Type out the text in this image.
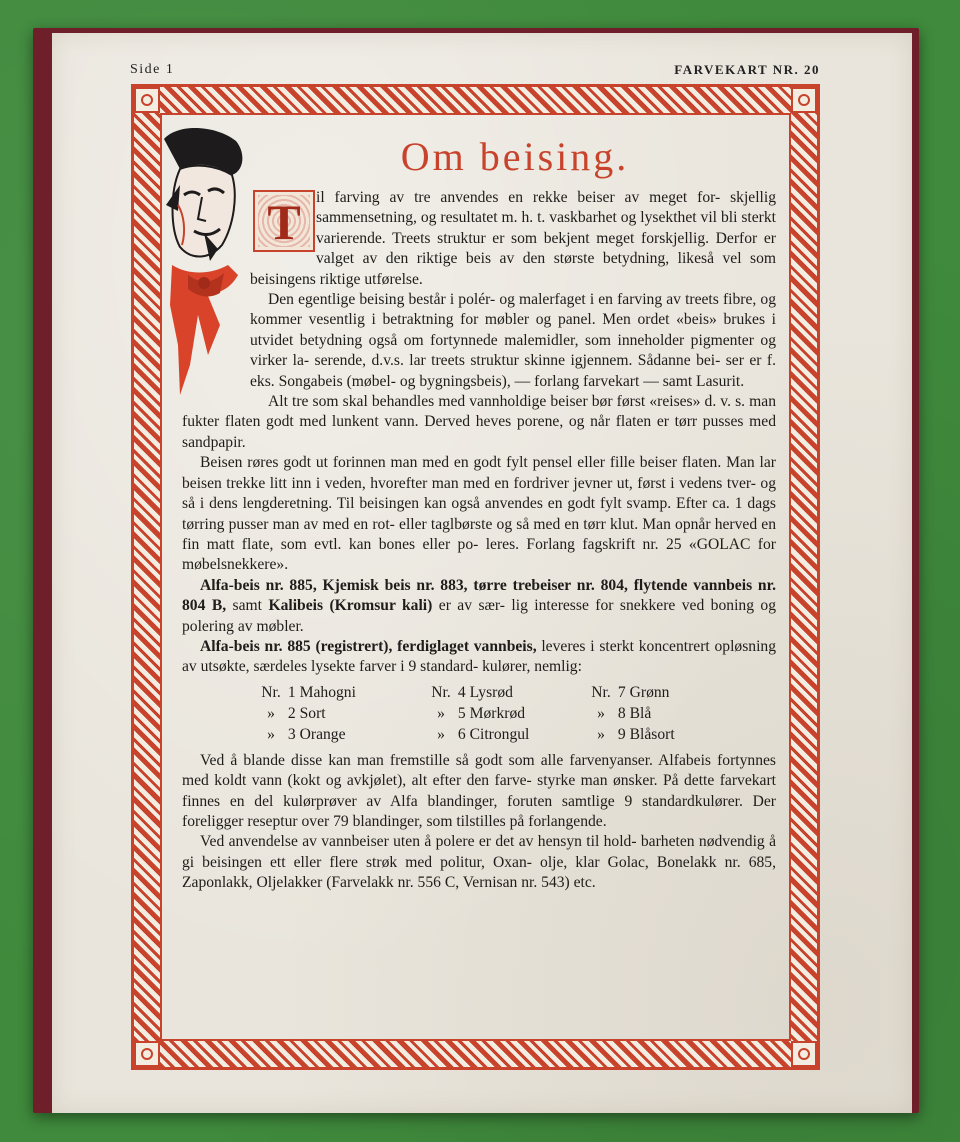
Side 1	FARVEKART NR. 20
Om beising.
T il farving av tre anvendes en rekke beiser av meget for- skjellig sammensetning, og resultatet m. h. t. vaskbarhet og lysekthet vil bli sterkt varierende. Treets struktur er som bekjent meget forskjellig. Derfor er valget av den riktige beis av den største betydning, likeså vel som beisingens riktige utførelse.

Den egentlige beising består i polér- og malerfaget i en farving av treets fibre, og kommer vesentlig i betraktning for møbler og panel. Men ordet «beis» brukes i utvidet betydning også om fortynnede malemidler, som inneholder pigmenter og virker la- serende, d.v.s. lar treets struktur skinne igjennem. Sådanne bei- ser er f. eks. Songabeis (møbel- og bygningsbeis), — forlang farvekart — samt Lasurit.

Alt tre som skal behandles med vannholdige beiser bør først «reises» d. v. s. man fukter flaten godt med lunkent vann. Derved heves porene, og når flaten er tørr pusses med sandpapir.

Beisen røres godt ut forinnen man med en godt fylt pensel eller fille beiser flaten. Man lar beisen trekke litt inn i veden, hvorefter man med en fordriver jevner ut, først i vedens tver- og så i dens lengderetning. Til beisingen kan også anvendes en godt fylt svamp. Efter ca. 1 dags tørring pusser man av med en rot- eller taglbørste og så med en tørr klut. Man opnår herved en fin matt flate, som evtl. kan bones eller po- leres. Forlang fagskrift nr. 25 «GOLAC for møbelsnekkere».

Alfa-beis nr. 885, Kjemisk beis nr. 883, tørre trebeiser nr. 804, flytende vannbeis nr. 804 B, samt Kalibeis (Kromsur kali) er av sær- lig interesse for snekkere ved boning og polering av møbler.

Alfa-beis nr. 885 (registrert), ferdiglaget vannbeis, leveres i sterkt koncentrert opløsning av utsøkte, særdeles lysekte farver i 9 standard- kulører, nemlig:

Nr. 1 Mahogni	Nr. 4 Lysrød	Nr. 7 Grønn
» 2 Sort	» 5 Mørkrød	» 8 Blå
» 3 Orange	» 6 Citrongul	» 9 Blåsort

Ved å blande disse kan man fremstille så godt som alle farvenyanser. Alfabeis fortynnes med koldt vann (kokt og avkjølet), alt efter den farve- styrke man ønsker. På dette farvekart finnes en del kulørprøver av Alfa blandinger, foruten samtlige 9 standardkulører. Der foreligger reseptur over 79 blandinger, som tilstilles på forlangende.

Ved anvendelse av vannbeiser uten å polere er det av hensyn til hold- barheten nødvendig å gi beisingen ett eller flere strøk med politur, Oxan- olje, klar Golac, Bonelakk nr. 685, Zaponlakk, Oljelakker (Farvelakk nr. 556 C, Vernisan nr. 543) etc.
